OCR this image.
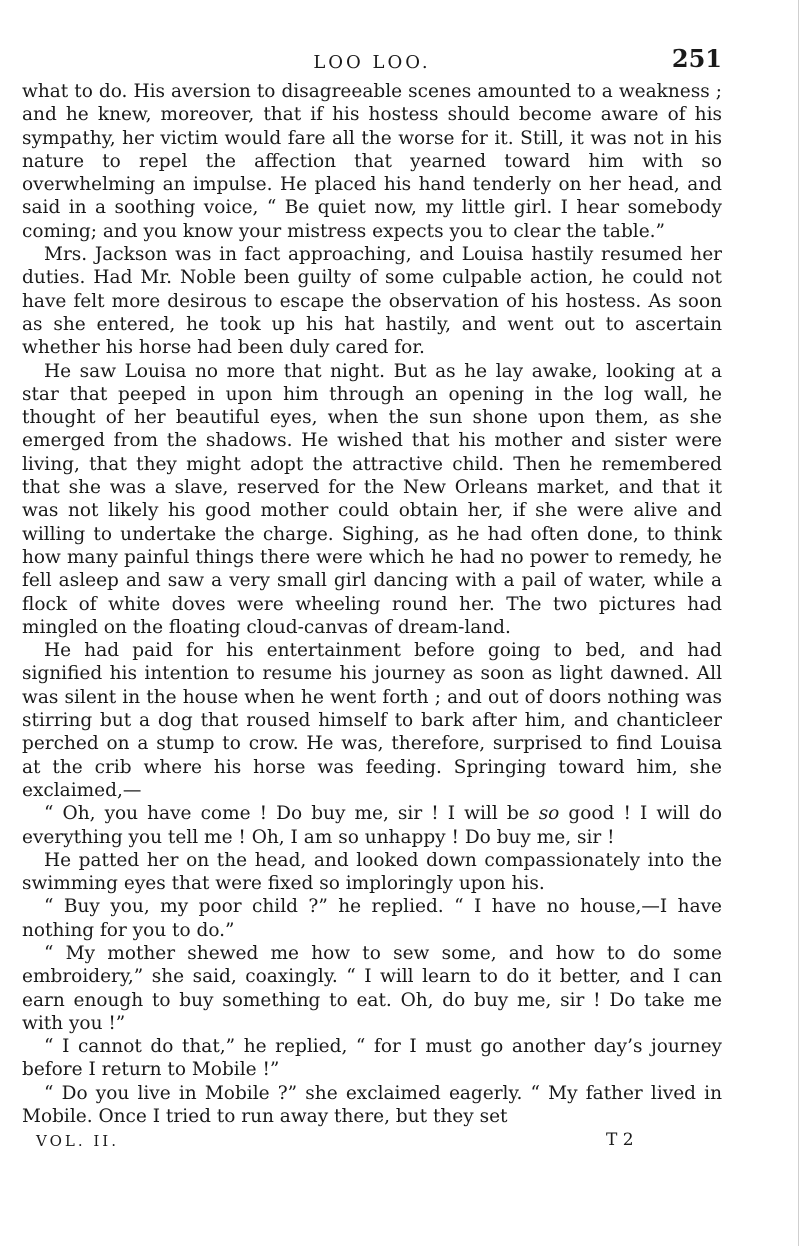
LOO LOO.	251

what to do. His aversion to disagreeable scenes amounted to a weakness ; and he knew, moreover, that if his hostess should become aware of his sympathy, her victim would fare all the worse for it. Still, it was not in his nature to repel the affection that yearned toward him with so overwhelming an impulse. He placed his hand tenderly on her head, and said in a soothing voice, “ Be quiet now, my little girl. I hear somebody coming; and you know your mistress expects you to clear the table.”

Mrs. Jackson was in fact approaching, and Louisa hastily resumed her duties. Had Mr. Noble been guilty of some culpable action, he could not have felt more desirous to escape the observation of his hostess. As soon as she entered, he took up his hat hastily, and went out to ascertain whether his horse had been duly cared for.

He saw Louisa no more that night. But as he lay awake, looking at a star that peeped in upon him through an opening in the log wall, he thought of her beautiful eyes, when the sun shone upon them, as she emerged from the shadows. He wished that his mother and sister were living, that they might adopt the attractive child. Then he remembered that she was a slave, reserved for the New Orleans market, and that it was not likely his good mother could obtain her, if she were alive and willing to undertake the charge. Sighing, as he had often done, to think how many painful things there were which he had no power to remedy, he fell asleep and saw a very small girl dancing with a pail of water, while a flock of white doves were wheeling round her. The two pictures had mingled on the floating cloud-canvas of dream-land.

He had paid for his entertainment before going to bed, and had signified his intention to resume his journey as soon as light dawned. All was silent in the house when he went forth ; and out of doors nothing was stirring but a dog that roused himself to bark after him, and chanticleer perched on a stump to crow. He was, therefore, surprised to find Louisa at the crib where his horse was feeding. Springing toward him, she exclaimed,—

“ Oh, you have come ! Do buy me, sir ! I will be so good ! I will do everything you tell me ! Oh, I am so unhappy ! Do buy me, sir !

He patted her on the head, and looked down compassionately into the swimming eyes that were fixed so imploringly upon his.

“ Buy you, my poor child ?” he replied. “ I have no house,—I have nothing for you to do.”

“ My mother shewed me how to sew some, and how to do some embroidery,” she said, coaxingly. “ I will learn to do it better, and I can earn enough to buy something to eat. Oh, do buy me, sir ! Do take me with you !”

“ I cannot do that,” he replied, “ for I must go another day’s journey before I return to Mobile !”

“ Do you live in Mobile ?” she exclaimed eagerly. “ My father lived in Mobile. Once I tried to run away there, but they set

VOL. II.	T 2
